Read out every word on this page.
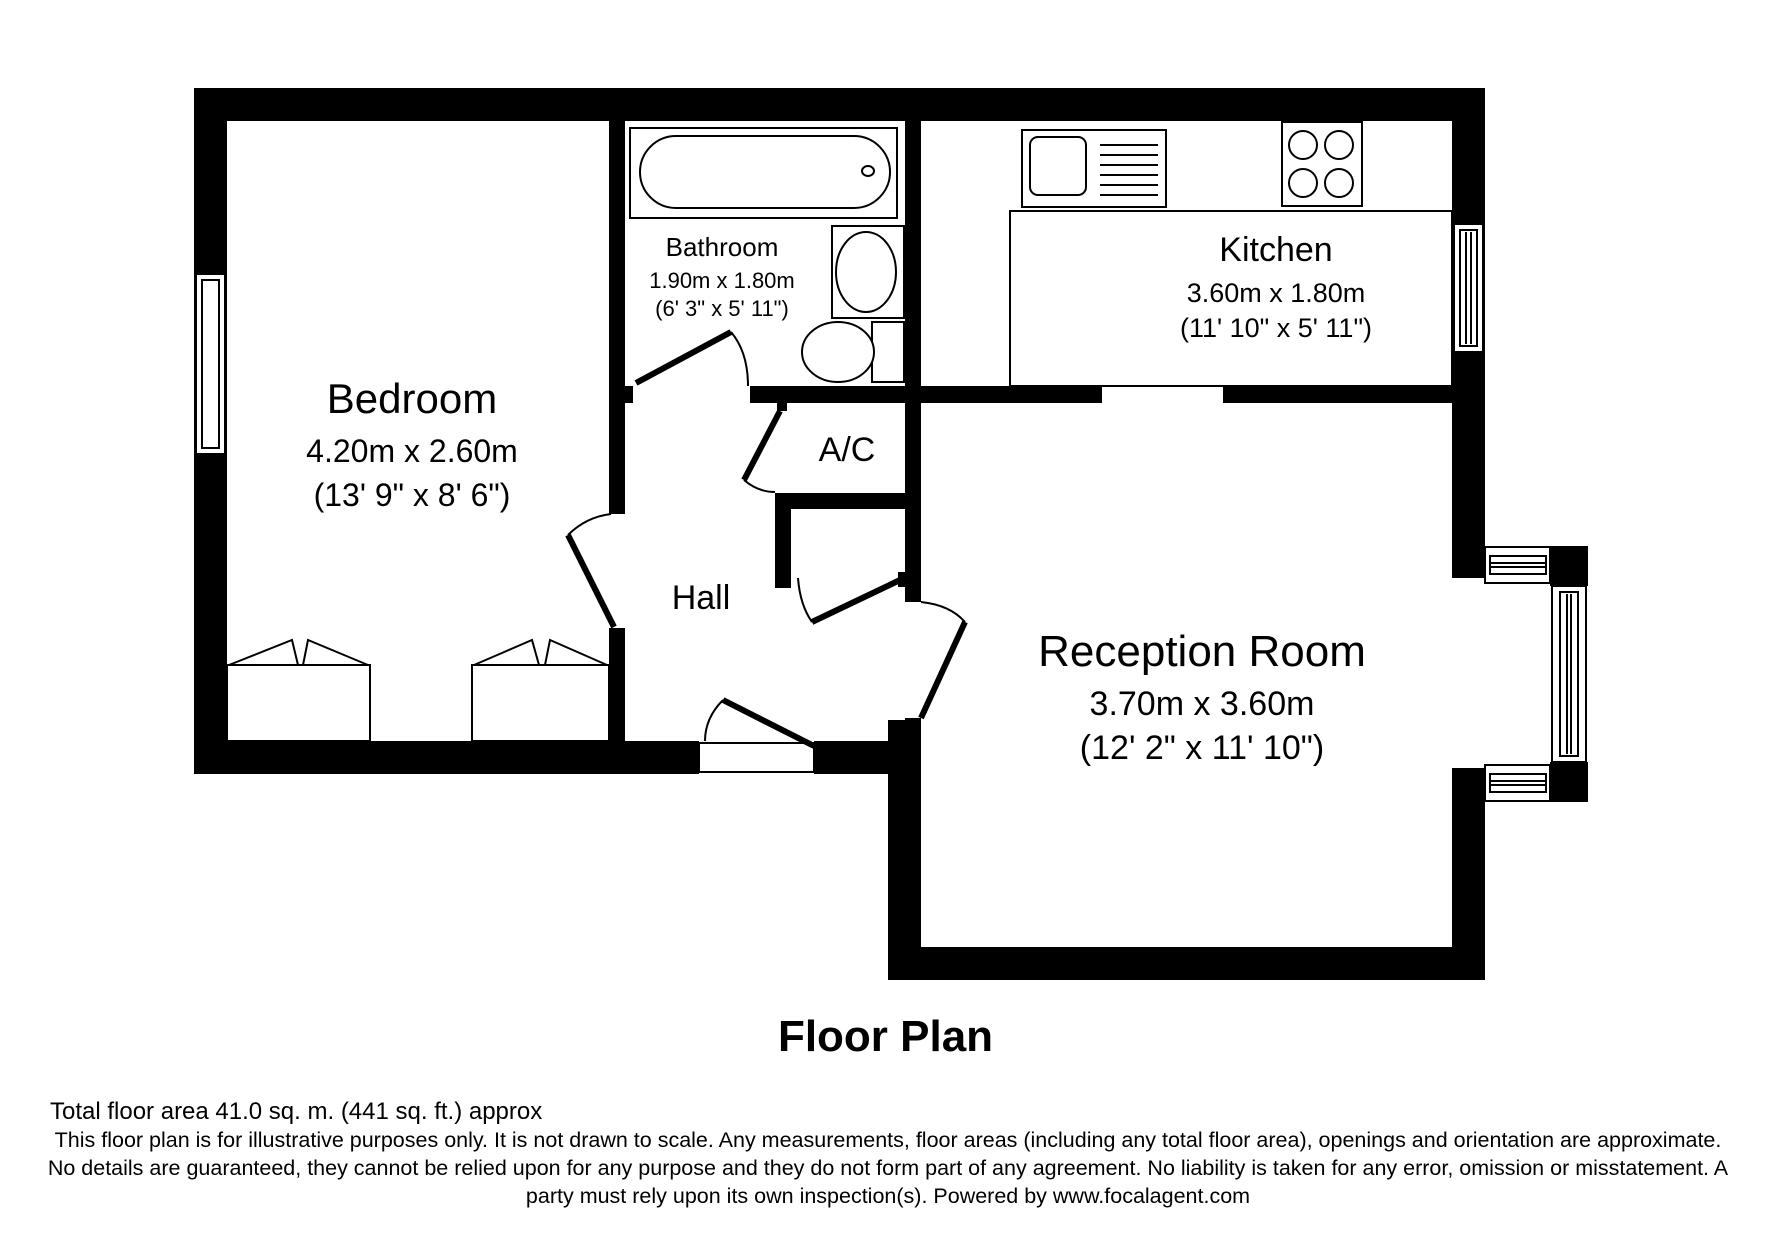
Bedroom
4.20m x 2.60m
(13' 9" x 8' 6")
Bathroom
1.90m x 1.80m
(6' 3" x 5' 11")
Kitchen
3.60m x 1.80m
(11' 10" x 5' 11")
A/C
Hall
Reception Room
3.70m x 3.60m
(12' 2" x 11' 10")
Floor Plan

Total floor area 41.0 sq. m. (441 sq. ft.) approx

This floor plan is for illustrative purposes only. It is not drawn to scale. Any measurements, floor areas (including any total floor area), openings and orientation are approximate. No details are guaranteed, they cannot be relied upon for any purpose and they do not form part of any agreement. No liability is taken for any error, omission or misstatement. A party must rely upon its own inspection(s). Powered by www.focalagent.com
